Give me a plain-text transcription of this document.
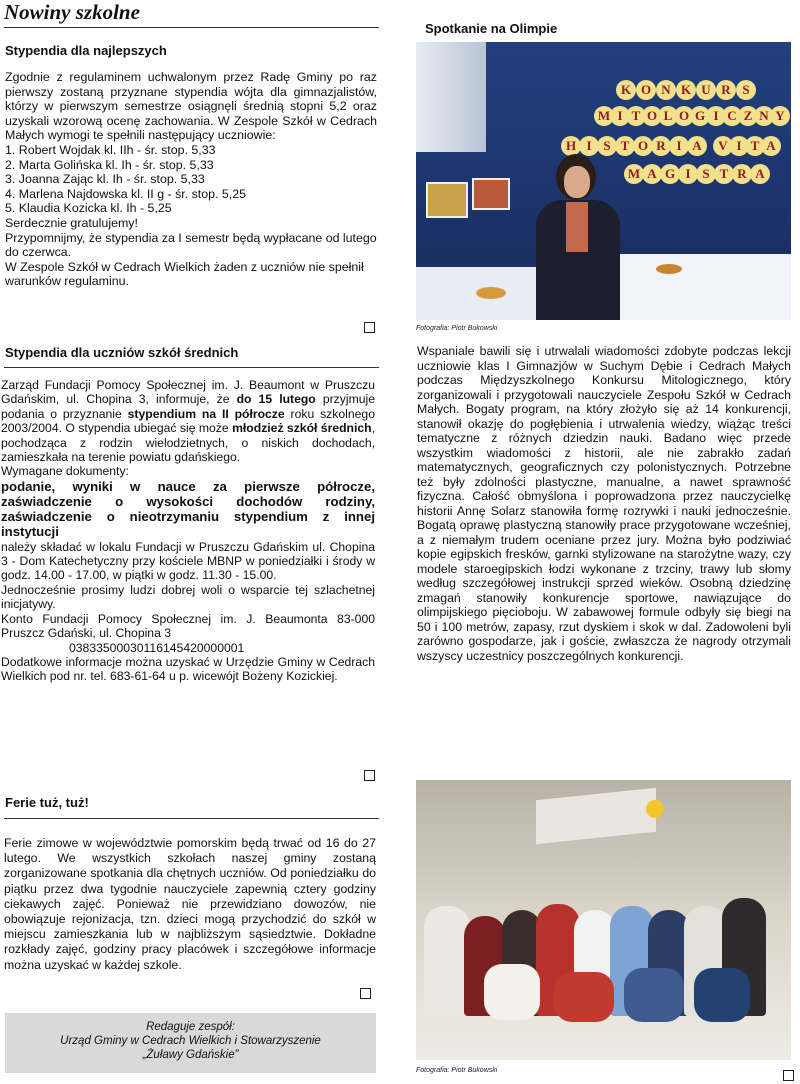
Nowiny szkolne
Stypendia dla najlepszych

Zgodnie z regulaminem uchwalonym przez Radę Gminy po raz pierwszy zostaną przyznane stypendia wójta dla gimnazjalistów, którzy w pierwszym semestrze osiągnęli średnią stopni 5,2 oraz uzyskali wzorową ocenę zachowania. W Zespole Szkół w Cedrach Małych wymogi te spełnili następujący uczniowie:

1. Robert Wojdak kl. IIh - śr. stop. 5,33

2. Marta Golińska kl. Ih - śr. stop. 5,33

3. Joanna Zając kl. Ih - śr. stop. 5,33

4. Marlena Najdowska kl. II g - śr. stop. 5,25

5. Klaudia Kozicka kl. Ih - 5,25

Serdecznie gratulujemy!

Przypomnijmy, że stypendia za I semestr będą wypłacane od lutego do czerwca.

W Zespole Szkół w Cedrach Wielkich żaden z uczniów nie spełnił warunków regulaminu.

Stypendia dla uczniów szkół średnich

Zarząd Fundacji Pomocy Społecznej im. J. Beaumont w Pruszczu Gdańskim, ul. Chopina 3, informuje, że do 15 lutego przyjmuje podania o przyznanie stypendium na II półrocze roku szkolnego 2003/2004. O stypendia ubiegać się może młodzież szkół średnich, pochodząca z rodzin wielodzietnych, o niskich dochodach, zamieszkała na terenie powiatu gdańskiego.

Wymagane dokumenty:

podanie, wyniki w nauce za pierwsze półrocze, zaświadczenie o wysokości dochodów rodziny, zaświadczenie o nieotrzymaniu stypendium z innej instytucji

należy składać w lokalu Fundacji w Pruszczu Gdańskim ul. Chopina 3 - Dom Katechetyczny przy kościele MBNP w poniedziałki i środy w godz. 14.00 - 17.00, w piątki w godz. 11.30 - 15.00.

Jednocześnie prosimy ludzi dobrej woli o wsparcie tej szlachetnej inicjatywy.

Konto Fundacji Pomocy Społecznej im. J. Beaumonta 83-000 Pruszcz Gdański, ul. Chopina 3

03833500030116145420000001

Dodatkowe informacje można uzyskać w Urzędzie Gminy w Cedrach Wielkich pod nr. tel. 683-61-64 u p. wicewójt Bożeny Kozickiej.

Ferie tuż, tuż!
Ferie zimowe w województwie pomorskim będą trwać od 16 do 27 lutego. We wszystkich szkołach naszej gminy zostaną zorganizowane spotkania dla chętnych uczniów. Od poniedziałku do piątku przez dwa tygodnie nauczyciele zapewnią cztery godziny ciekawych zajęć. Ponieważ nie przewidziano dowozów, nie obowiązuje rejonizacja, tzn. dzieci mogą przychodzić do szkół w miejscu zamieszkania lub w najbliższym sąsiedztwie. Dokładne rozkłady zajęć, godziny pracy placówek i szczegółowe informacje można uzyskać w każdej szkole.
Redaguje zespół:
Urząd Gminy w Cedrach Wielkich i Stowarzyszenie
„Żuławy Gdańskie”
Spotkanie na Olimpie
K O N K U R S
M I T O L O G I C Z N Y
H I S T O R I A	V I T A
M A G I S T R A
Fotografia: Piotr Bukowski
Wspaniale bawili się i utrwalali wiadomości zdobyte podczas lekcji uczniowie klas I Gimnazjów w Suchym Dębie i Cedrach Małych podczas Międzyszkolnego Konkursu Mitologicznego, który zorganizowali i przygotowali nauczyciele Zespołu Szkół w Cedrach Małych. Bogaty program, na który złożyło się aż 14 konkurencji, stanowił okazję do pogłębienia i utrwalenia wiedzy, wiążąc treści tematyczne z różnych dziedzin nauki. Badano więc przede wszystkim wiadomości z historii, ale nie zabrakło zadań matematycznych, geograficznych czy polonistycznych. Potrzebne też były zdolności plastyczne, manualne, a nawet sprawność fizyczna. Całość obmyślona i poprowadzona przez nauczycielkę historii Annę Solarz stanowiła formę rozrywki i nauki jednocześnie. Bogatą oprawę plastyczną stanowiły prace przygotowane wcześniej, a z niemałym trudem oceniane przez jury. Można było podziwiać kopie egipskich fresków, garnki stylizowane na starożytne wazy, czy modele staroegipskich łodzi wykonane z trzciny, trawy lub słomy według szczegółowej instrukcji sprzed wieków. Osobną dziedzinę zmagań stanowiły konkurencje sportowe, nawiązujące do olimpijskiego pięcioboju. W zabawowej formule odbyły się biegi na 50 i 100 metrów, zapasy, rzut dyskiem i skok w dal. Zadowoleni byli zarówno gospodarze, jak i goście, zwłaszcza że nagrody otrzymali wszyscy uczestnicy poszczególnych konkurencji.
Fotografia: Piotr Bukowski
